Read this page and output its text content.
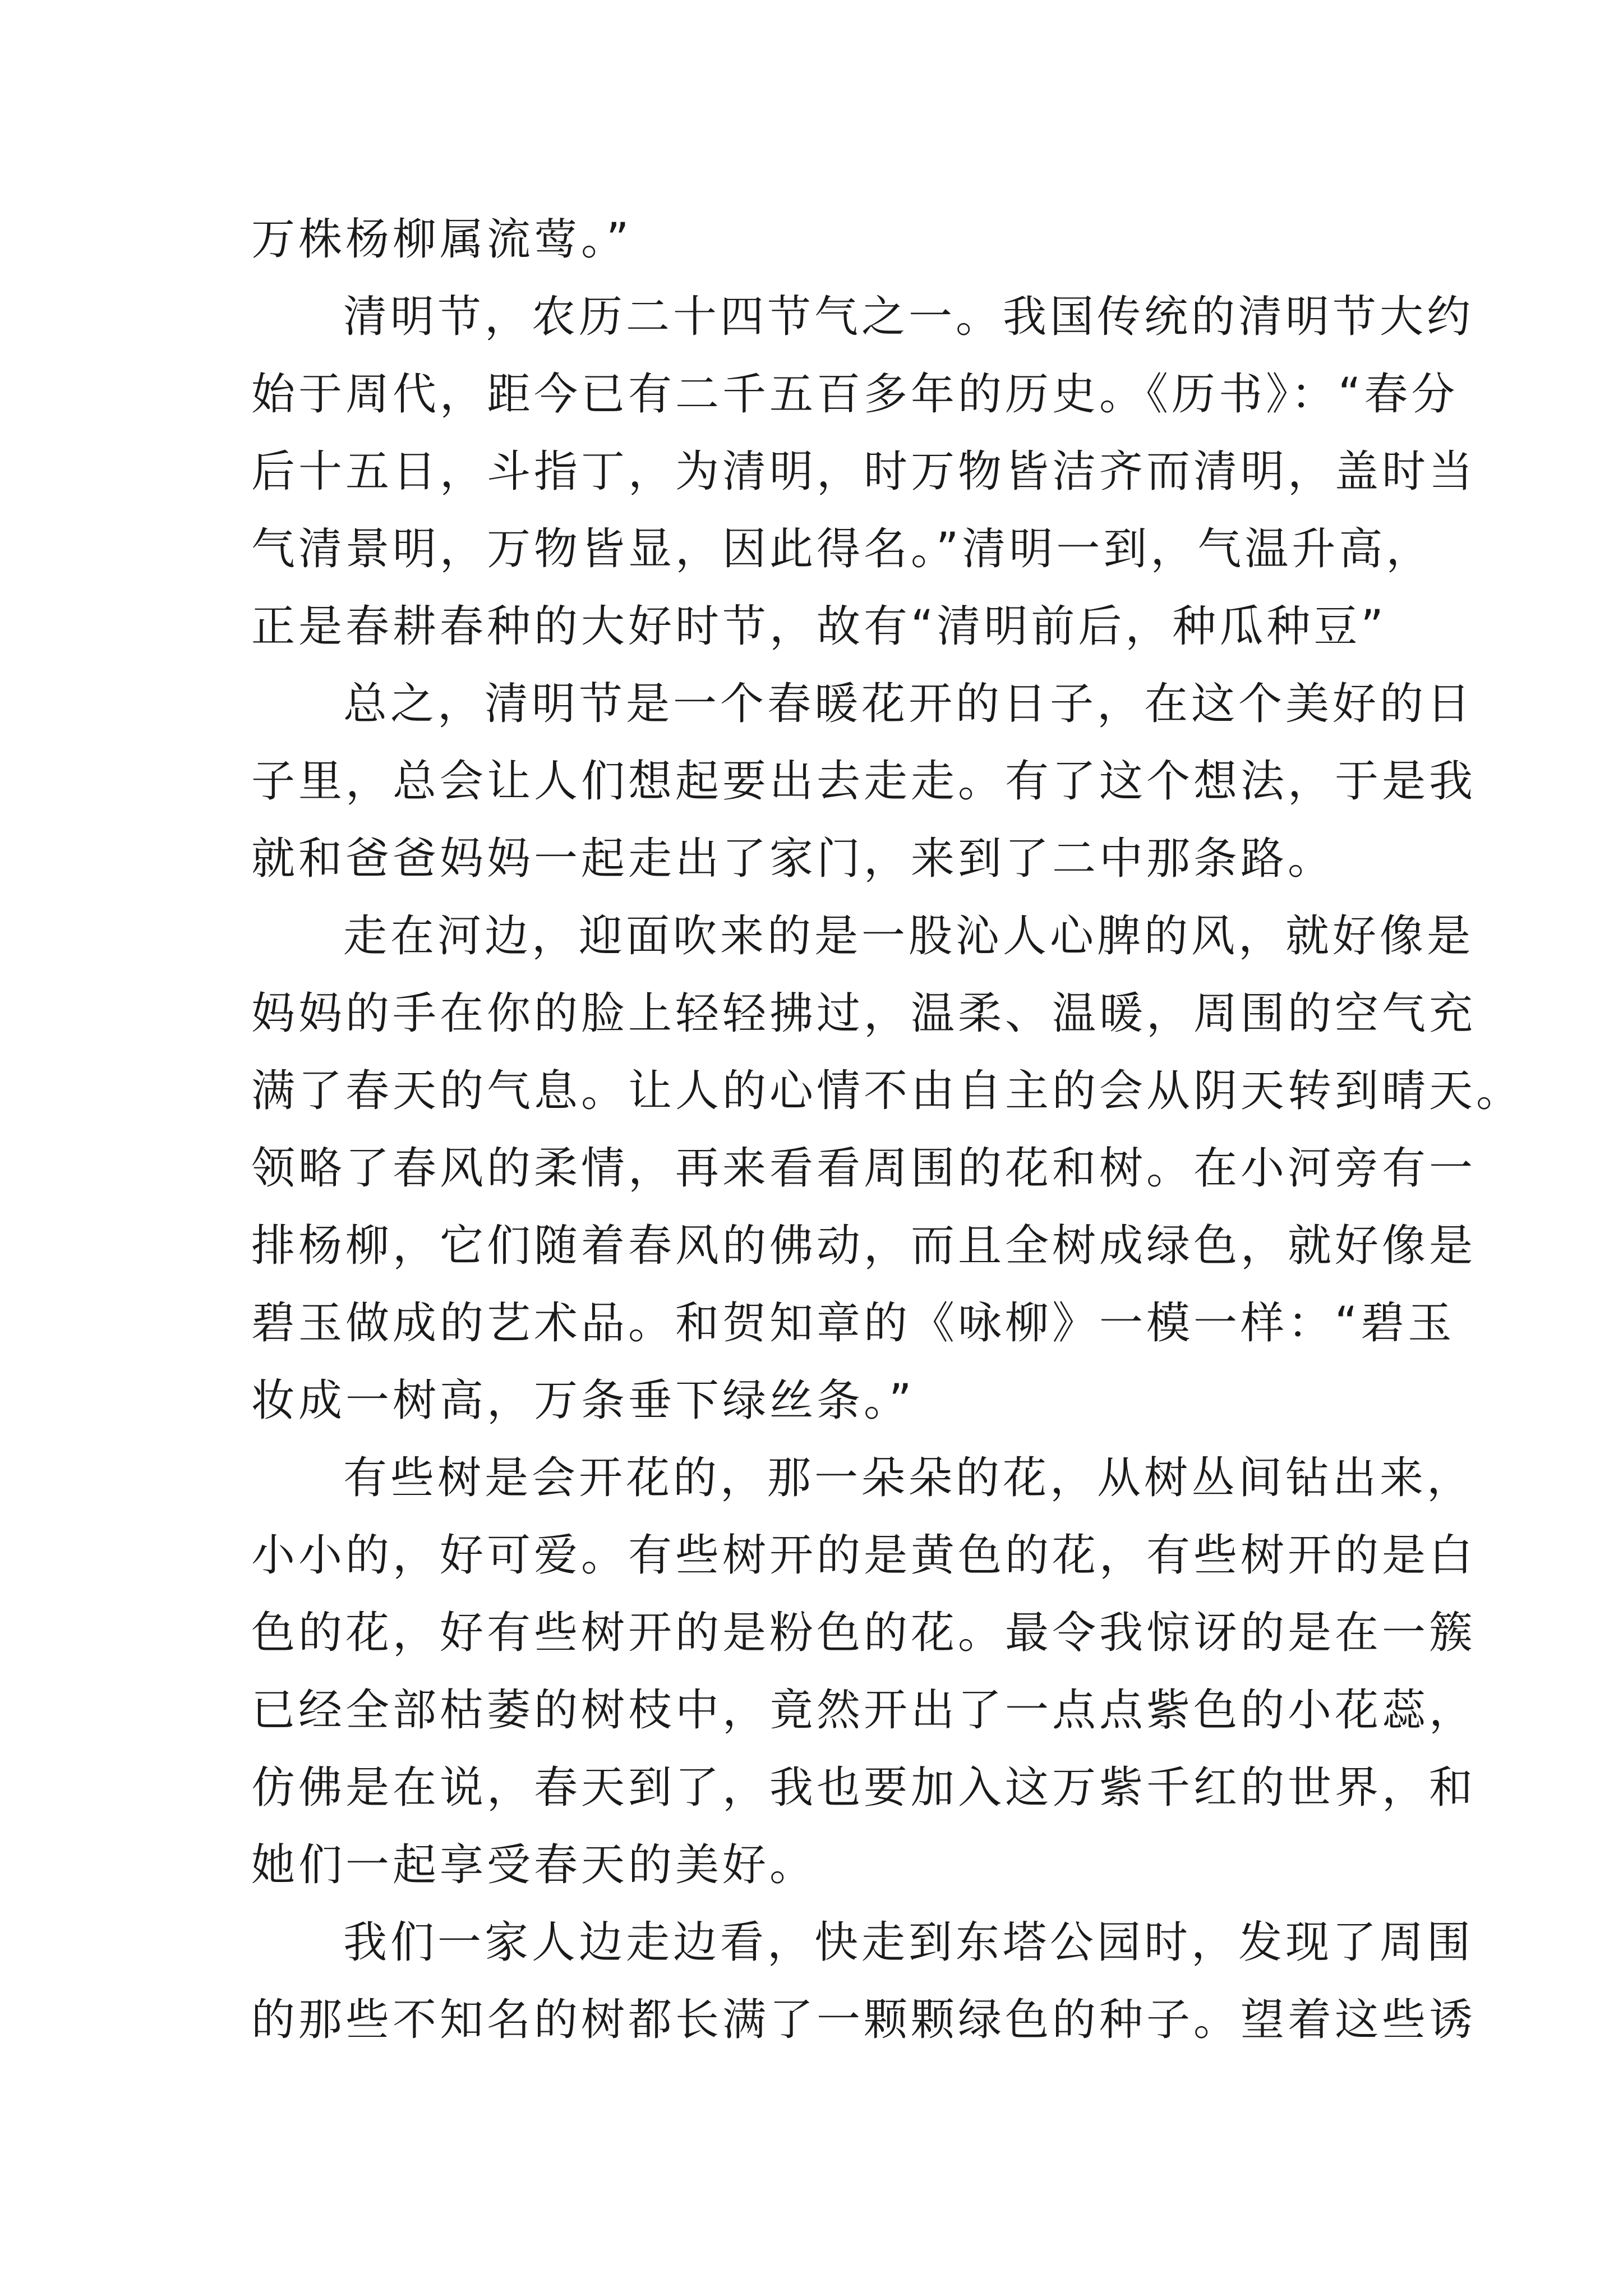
万株杨柳属流莺。”
清明节，农历二十四节气之一。我国传统的清明节大约
始于周代，距今已有二千五百多年的历史。《历书》：“春分
后十五日，斗指丁，为清明，时万物皆洁齐而清明，盖时当
气清景明，万物皆显，因此得名。”清明一到，气温升高，
正是春耕春种的大好时节，故有“清明前后，种瓜种豆”
总之，清明节是一个春暖花开的日子，在这个美好的日
子里，总会让人们想起要出去走走。有了这个想法，于是我
就和爸爸妈妈一起走出了家门，来到了二中那条路。
走在河边，迎面吹来的是一股沁人心脾的风，就好像是
妈妈的手在你的脸上轻轻拂过，温柔、温暖，周围的空气充
满了春天的气息。让人的心情不由自主的会从阴天转到晴天。
领略了春风的柔情，再来看看周围的花和树。在小河旁有一
排杨柳，它们随着春风的佛动，而且全树成绿色，就好像是
碧玉做成的艺术品。和贺知章的《咏柳》一模一样：“碧玉
妆成一树高，万条垂下绿丝条。”
有些树是会开花的，那一朵朵的花，从树丛间钻出来，
小小的，好可爱。有些树开的是黄色的花，有些树开的是白
色的花，好有些树开的是粉色的花。最令我惊讶的是在一簇
已经全部枯萎的树枝中，竟然开出了一点点紫色的小花蕊，
仿佛是在说，春天到了，我也要加入这万紫千红的世界，和
她们一起享受春天的美好。
我们一家人边走边看，快走到东塔公园时，发现了周围
的那些不知名的树都长满了一颗颗绿色的种子。望着这些诱
